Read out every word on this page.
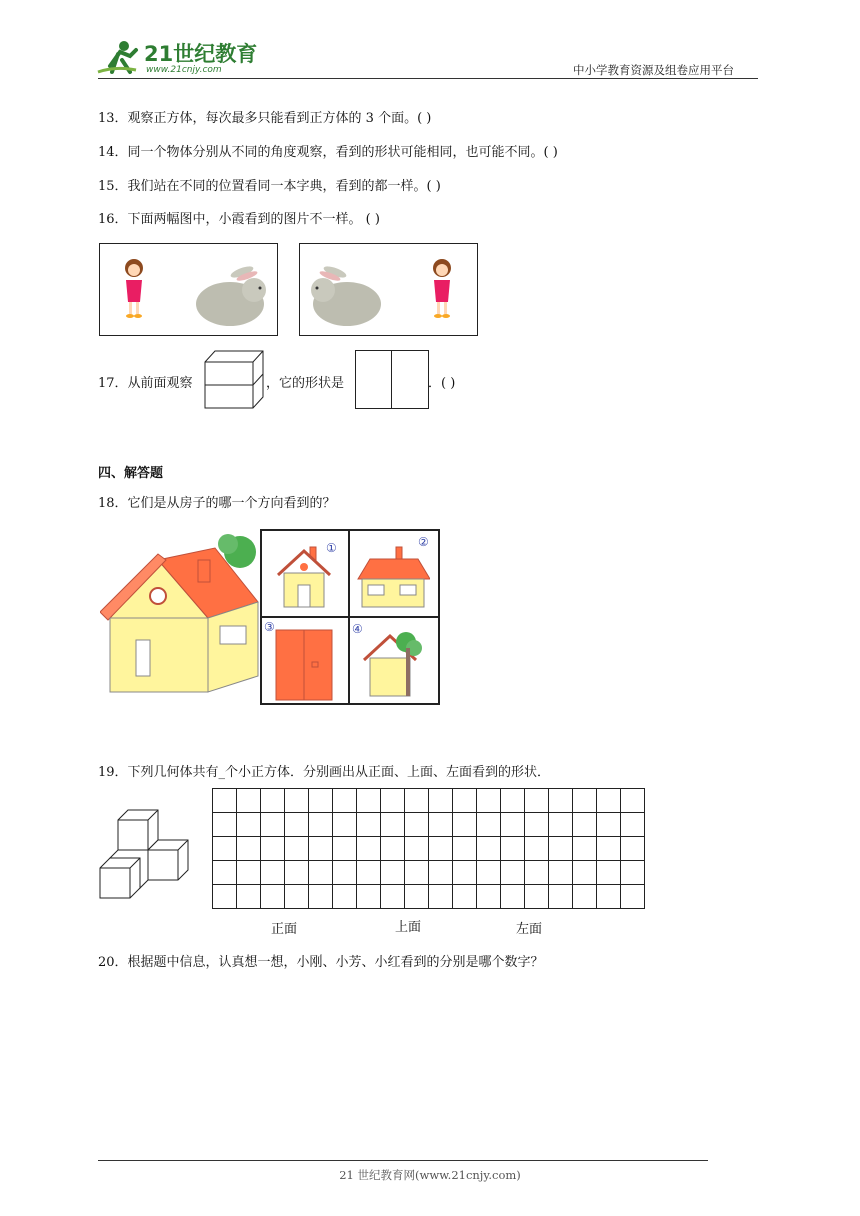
21世纪教育
www.21cnjy.com	中小学教育资源及组卷应用平台
13．观察正方体，每次最多只能看到正方体的 3 个面。( )
14．同一个物体分别从不同的角度观察，看到的形状可能相同，也可能不同。( )
15．我们站在不同的位置看同一本字典，看到的都一样。( )
16．下面两幅图中，小霞看到的图片不一样。 ( )
17．从前面观察	，它的形状是	．( )
四、解答题
18．它们是从房子的哪一个方向看到的？
①	②
③	④
19．下列几何体共有_个小正方体．分别画出从正面、上面、左面看到的形状．

正面	上面	左面
20．根据题中信息，认真想一想，小刚、小芳、小红看到的分别是哪个数字？
21 世纪教育网(www.21cnjy.com)
